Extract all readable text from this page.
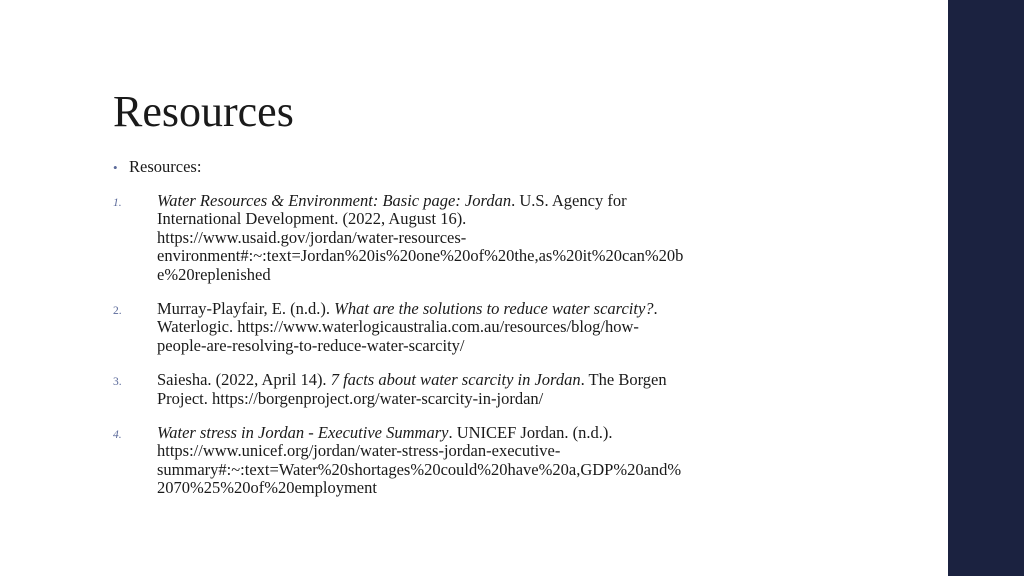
Resources
• Resources:
1. Water Resources & Environment: Basic page: Jordan. U.S. Agency for
International Development. (2022, August 16).
https://www.usaid.gov/jordan/water-resources-
environment#:~:text=Jordan%20is%20one%20of%20the,as%20it%20can%20b
e%20replenished
2. Murray-Playfair, E. (n.d.). What are the solutions to reduce water scarcity?.
Waterlogic. https://www.waterlogicaustralia.com.au/resources/blog/how-
people-are-resolving-to-reduce-water-scarcity/
3. Saiesha. (2022, April 14). 7 facts about water scarcity in Jordan. The Borgen
Project. https://borgenproject.org/water-scarcity-in-jordan/
4. Water stress in Jordan - Executive Summary. UNICEF Jordan. (n.d.).
https://www.unicef.org/jordan/water-stress-jordan-executive-
summary#:~:text=Water%20shortages%20could%20have%20a,GDP%20and%
2070%25%20of%20employment
